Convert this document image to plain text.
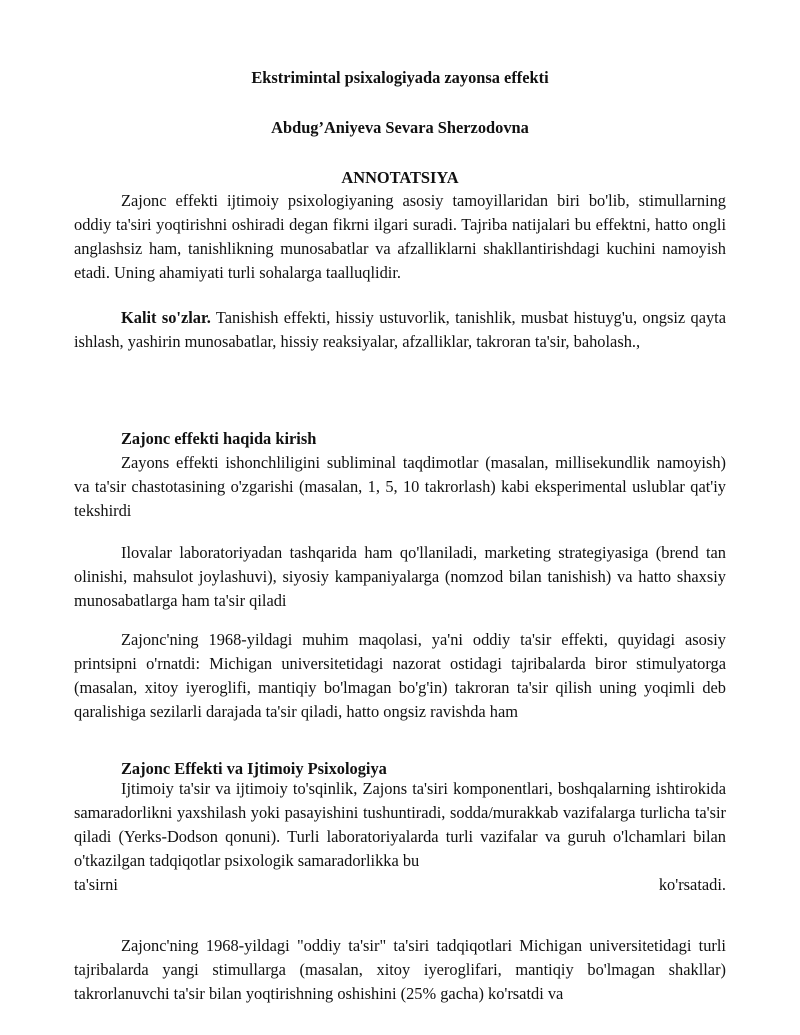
Ekstrimintal psixalogiyada zayonsa effekti
Abdug’Aniyeva Sevara Sherzodovna
ANNOTATSIYA

Zajonc effekti ijtimoiy psixologiyaning asosiy tamoyillaridan biri bo'lib, stimullarning oddiy ta'siri yoqtirishni oshiradi degan fikrni ilgari suradi. Tajriba natijalari bu effektni, hatto ongli anglashsiz ham, tanishlikning munosabatlar va afzalliklarni shakllantirishdagi kuchini namoyish etadi. Uning ahamiyati turli sohalarga taalluqlidir.

Kalit so'zlar. Tanishish effekti, hissiy ustuvorlik, tanishlik, musbat histuyg'u, ongsiz qayta ishlash, yashirin munosabatlar, hissiy reaksiyalar, afzalliklar, takroran ta'sir, baholash.,

Zajonc effekti haqida kirish

Zayons effekti ishonchliligini subliminal taqdimotlar (masalan, millisekundlik namoyish) va ta'sir chastotasining o'zgarishi (masalan, 1, 5, 10 takrorlash) kabi eksperimental uslublar qat'iy tekshirdi

Ilovalar laboratoriyadan tashqarida ham qo'llaniladi, marketing strategiyasiga (brend tan olinishi, mahsulot joylashuvi), siyosiy kampaniyalarga (nomzod bilan tanishish) va hatto shaxsiy munosabatlarga ham ta'sir qiladi

Zajonc'ning 1968-yildagi muhim maqolasi, ya'ni oddiy ta'sir effekti, quyidagi asosiy printsipni o'rnatdi: Michigan universitetidagi nazorat ostidagi tajribalarda biror stimulyatorga (masalan, xitoy iyeroglifi, mantiqiy bo'lmagan bo'g'in) takroran ta'sir qilish uning yoqimli deb qaralishiga sezilarli darajada ta'sir qiladi, hatto ongsiz ravishda ham

Zajonc Effekti va Ijtimoiy Psixologiya

Ijtimoiy ta'sir va ijtimoiy to'sqinlik, Zajons ta'siri komponentlari, boshqalarning ishtirokida samaradorlikni yaxshilash yoki pasayishini tushuntiradi, sodda/murakkab vazifalarga turlicha ta'sir qiladi (Yerks-Dodson qonuni). Turli laboratoriyalarda turli vazifalar va guruh o'lchamlari bilan o'tkazilgan tadqiqotlar psixologik samaradorlikka bu

ta'sirni	ko'rsatadi.

Zajonc'ning 1968-yildagi "oddiy ta'sir" ta'siri tadqiqotlari Michigan universitetidagi turli tajribalarda yangi stimullarga (masalan, xitoy iyeroglifari, mantiqiy bo'lmagan shakllar) takrorlanuvchi ta'sir bilan yoqtirishning oshishini (25% gacha) ko'rsatdi va
